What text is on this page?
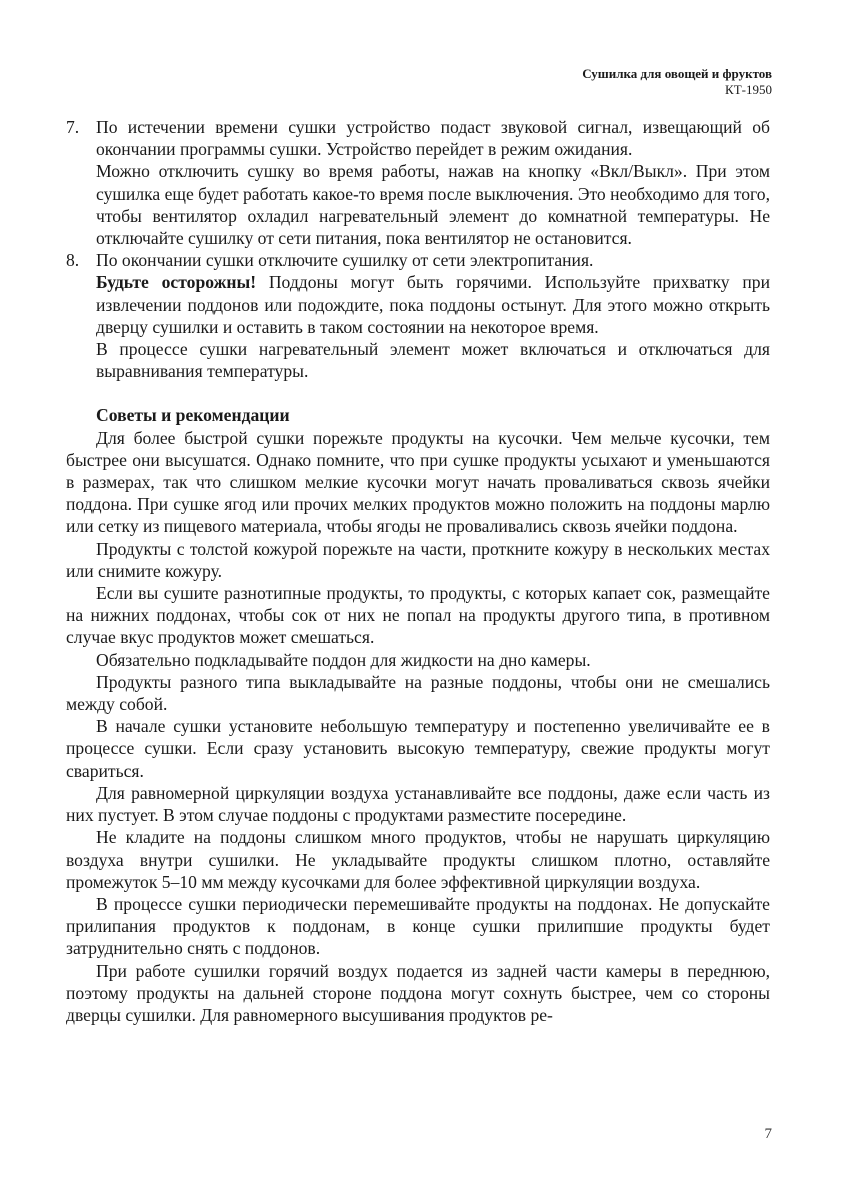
Сушилка для овощей и фруктов
КТ-1950
7. По истечении времени сушки устройство подаст звуковой сигнал, извещающий об окончании программы сушки. Устройство перейдет в режим ожидания.

Можно отключить сушку во время работы, нажав на кнопку «Вкл/Выкл». При этом сушилка еще будет работать какое-то время после выключения. Это необходимо для того, чтобы вентилятор охладил нагревательный элемент до комнатной температуры. Не отключайте сушилку от сети питания, пока вентилятор не остановится.

8. По окончании сушки отключите сушилку от сети электропитания.

Будьте осторожны! Поддоны могут быть горячими. Используйте прихватку при извлечении поддонов или подождите, пока поддоны остынут. Для этого можно открыть дверцу сушилки и оставить в таком состоянии на некоторое время.

В процессе сушки нагревательный элемент может включаться и отключаться для выравнивания температуры.

Советы и рекомендации

Для более быстрой сушки порежьте продукты на кусочки. Чем мельче кусочки, тем быстрее они высушатся. Однако помните, что при сушке продукты усыхают и уменьшаются в размерах, так что слишком мелкие кусочки могут начать проваливаться сквозь ячейки поддона. При сушке ягод или прочих мелких продуктов можно положить на поддоны марлю или сетку из пищевого материала, чтобы ягоды не проваливались сквозь ячейки поддона.

Продукты с толстой кожурой порежьте на части, проткните кожуру в нескольких местах или снимите кожуру.

Если вы сушите разнотипные продукты, то продукты, с которых капает сок, размещайте на нижних поддонах, чтобы сок от них не попал на продукты другого типа, в противном случае вкус продуктов может смешаться.

Обязательно подкладывайте поддон для жидкости на дно камеры.

Продукты разного типа выкладывайте на разные поддоны, чтобы они не смешались между собой.

В начале сушки установите небольшую температуру и постепенно увеличивайте ее в процессе сушки. Если сразу установить высокую температуру, свежие продукты могут свариться.

Для равномерной циркуляции воздуха устанавливайте все поддоны, даже если часть из них пустует. В этом случае поддоны с продуктами разместите посередине.

Не кладите на поддоны слишком много продуктов, чтобы не нарушать циркуляцию воздуха внутри сушилки. Не укладывайте продукты слишком плотно, оставляйте промежуток 5–10 мм между кусочками для более эффективной циркуляции воздуха.

В процессе сушки периодически перемешивайте продукты на поддонах. Не допускайте прилипания продуктов к поддонам, в конце сушки прилипшие продукты будет затруднительно снять с поддонов.

При работе сушилки горячий воздух подается из задней части камеры в переднюю, поэтому продукты на дальней стороне поддона могут сохнуть быстрее, чем со стороны дверцы сушилки. Для равномерного высушивания продуктов ре-

7
